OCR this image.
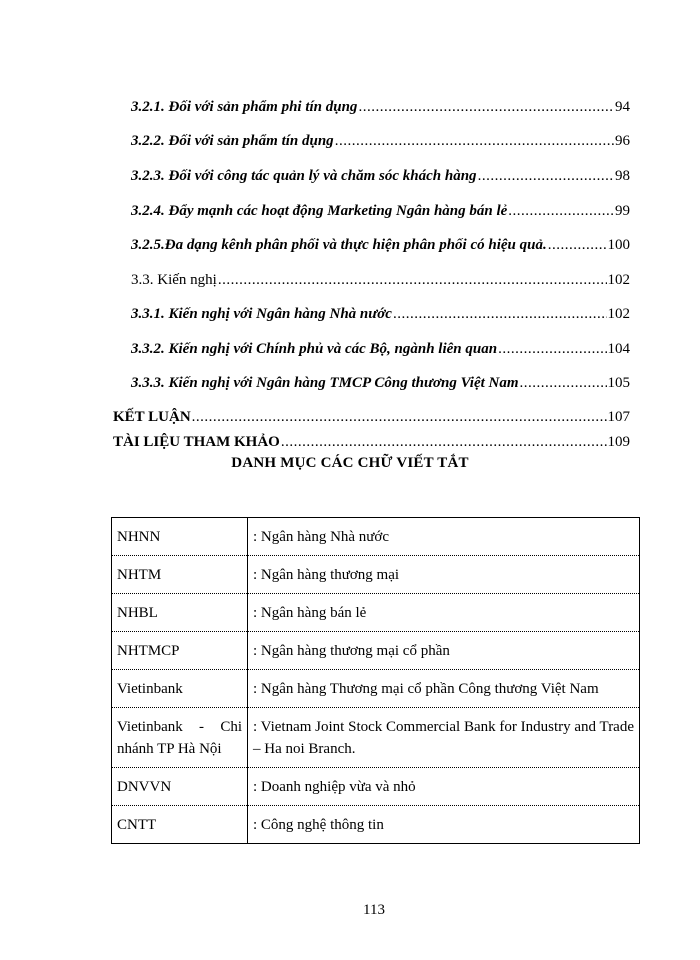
3.2.1. Đối với sản phẩm phi tín dụng .....	94
3.2.2. Đối với sản phẩm tín dụng .....	96
3.2.3. Đối với công tác quản lý và chăm sóc khách hàng .....	98
3.2.4. Đẩy mạnh các hoạt động Marketing Ngân hàng bán lẻ .....	99
3.2.5.Đa dạng kênh phân phối và thực hiện phân phối có hiệu quả. .....	100
3.3. Kiến nghị .....	102
3.3.1. Kiến nghị với Ngân hàng Nhà nước .....	102
3.3.2. Kiến nghị với Chính phủ và các Bộ, ngành liên quan .....	104
3.3.3. Kiến nghị với Ngân hàng TMCP Công thương Việt Nam .....	105
KẾT LUẬN .....	107
TÀI LIỆU THAM KHẢO .....	109
DANH MỤC CÁC CHỮ VIẾT TẮT
NHNN	: Ngân hàng Nhà nước
NHTM	: Ngân hàng thương mại
NHBL	: Ngân hàng bán lẻ
NHTMCP	: Ngân hàng thương mại cổ phần
Vietinbank	: Ngân hàng Thương mại cổ phần Công thương Việt Nam
Vietinbank - Chi nhánh TP Hà Nội	: Vietnam Joint Stock Commercial Bank for Industry and Trade – Ha noi Branch.
DNVVN	: Doanh nghiệp vừa và nhỏ
CNTT	: Công nghệ thông tin
113
